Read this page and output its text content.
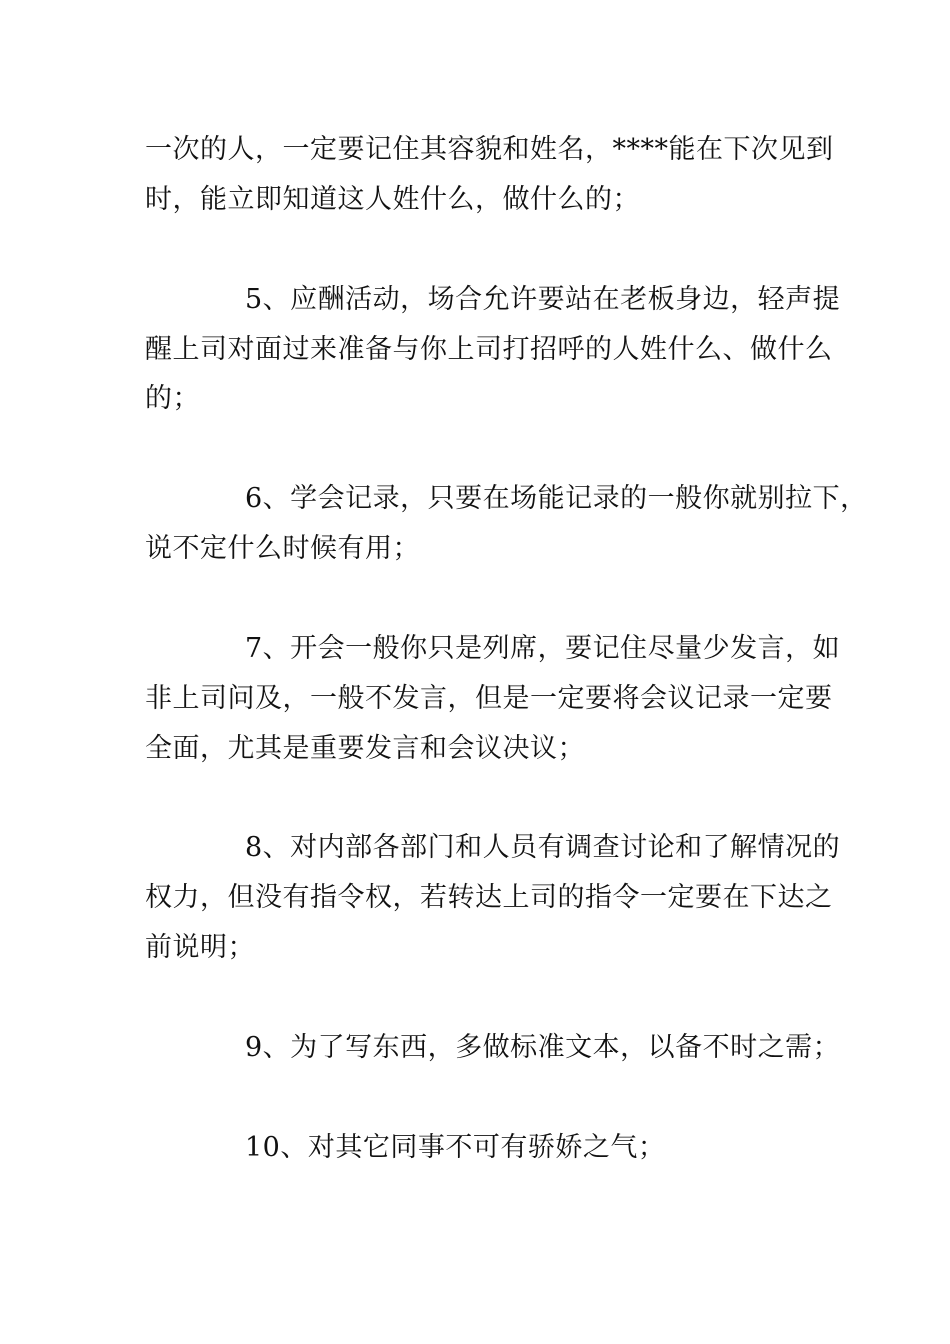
一次的人，一定要记住其容貌和姓名，****能在下次见到
时，能立即知道这人姓什么，做什么的；
5、应酬活动，场合允许要站在老板身边，轻声提
醒上司对面过来准备与你上司打招呼的人姓什么、做什么
的；
6、学会记录，只要在场能记录的一般你就别拉下，
说不定什么时候有用；
7、开会一般你只是列席，要记住尽量少发言，如
非上司问及，一般不发言，但是一定要将会议记录一定要
全面，尤其是重要发言和会议决议；
8、对内部各部门和人员有调查讨论和了解情况的
权力，但没有指令权，若转达上司的指令一定要在下达之
前说明；
9、为了写东西，多做标准文本，以备不时之需；
10、对其它同事不可有骄娇之气；
